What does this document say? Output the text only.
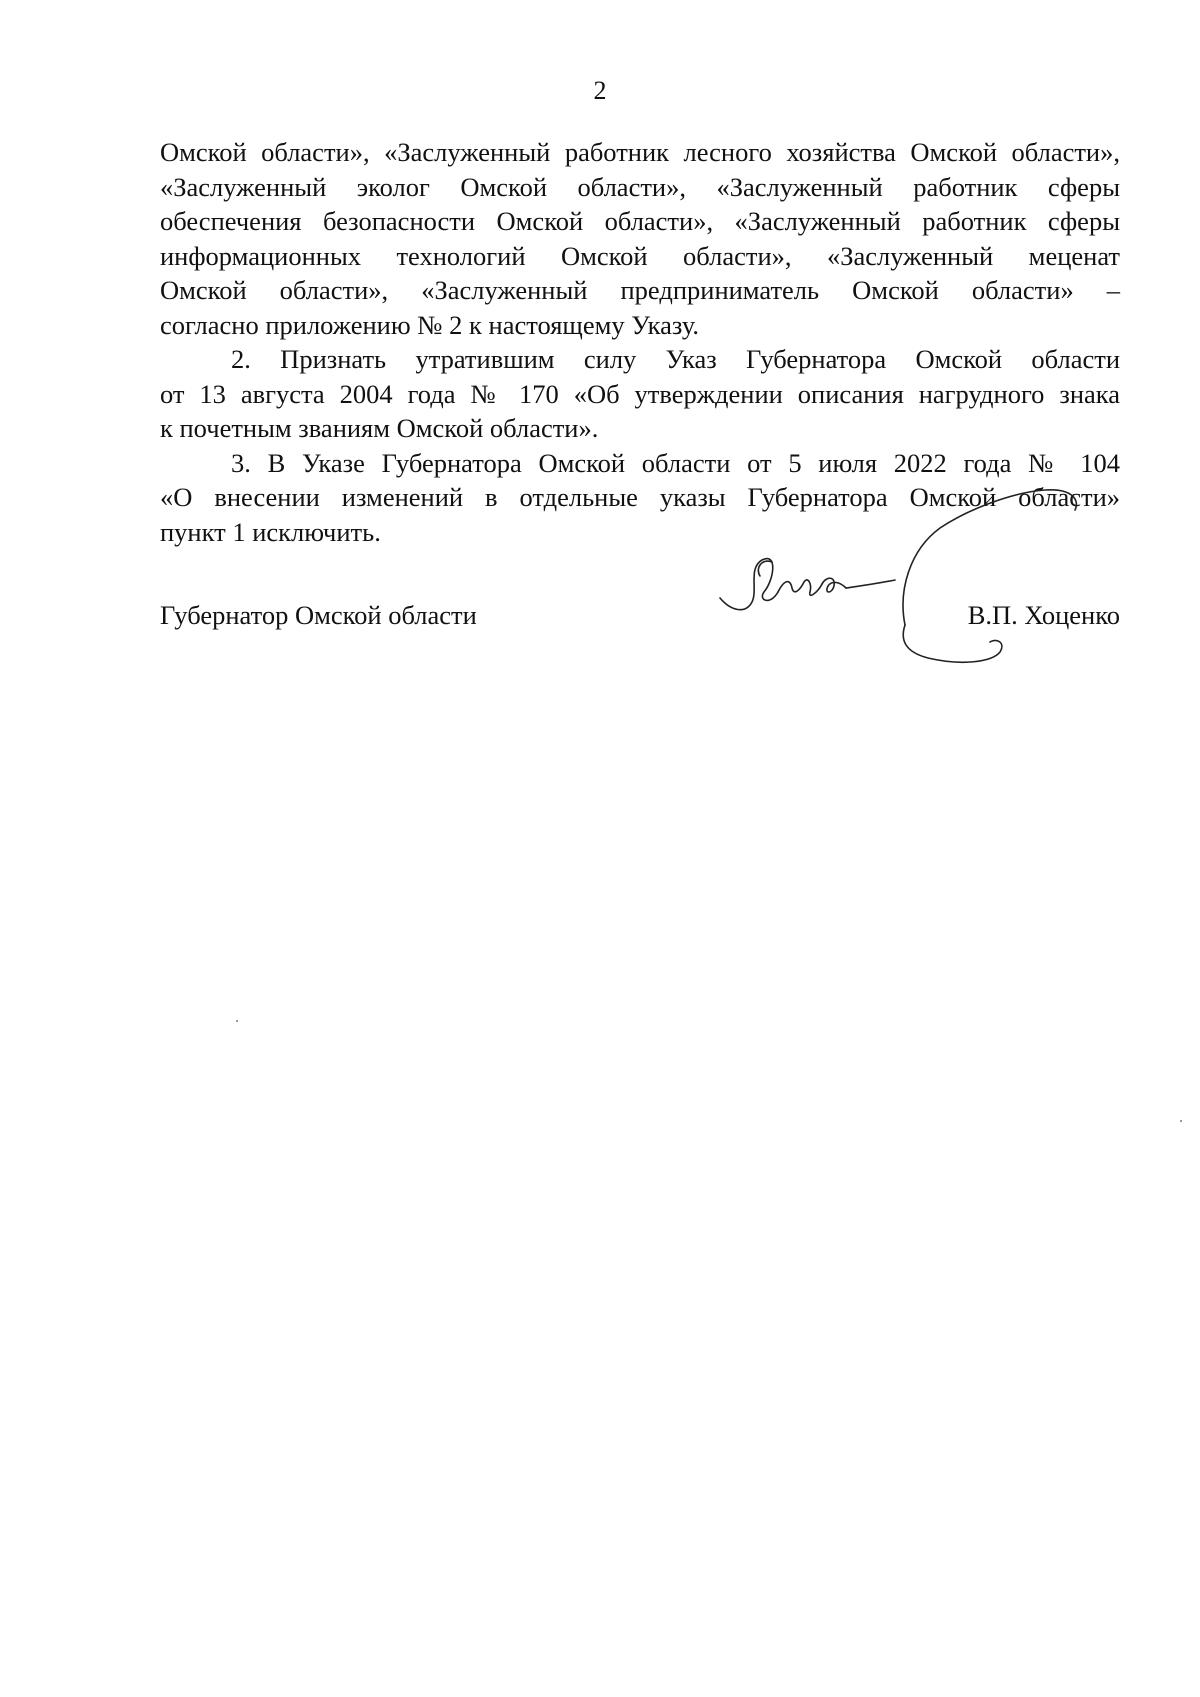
2
Омской области», «Заслуженный работник лесного хозяйства Омской области»,
«Заслуженный эколог Омской области», «Заслуженный работник сферы
обеспечения безопасности Омской области», «Заслуженный работник сферы
информационных технологий Омской области», «Заслуженный меценат
Омской области», «Заслуженный предприниматель Омской области» –
согласно приложению № 2 к настоящему Указу.
2. Признать утратившим силу Указ Губернатора Омской области
от 13 августа 2004 года № 170 «Об утверждении описания нагрудного знака
к почетным званиям Омской области».
3. В Указе Губернатора Омской области от 5 июля 2022 года № 104
«О внесении изменений в отдельные указы Губернатора Омской области»
пункт 1 исключить.
Губернатор Омской области	В.П. Хоценко
